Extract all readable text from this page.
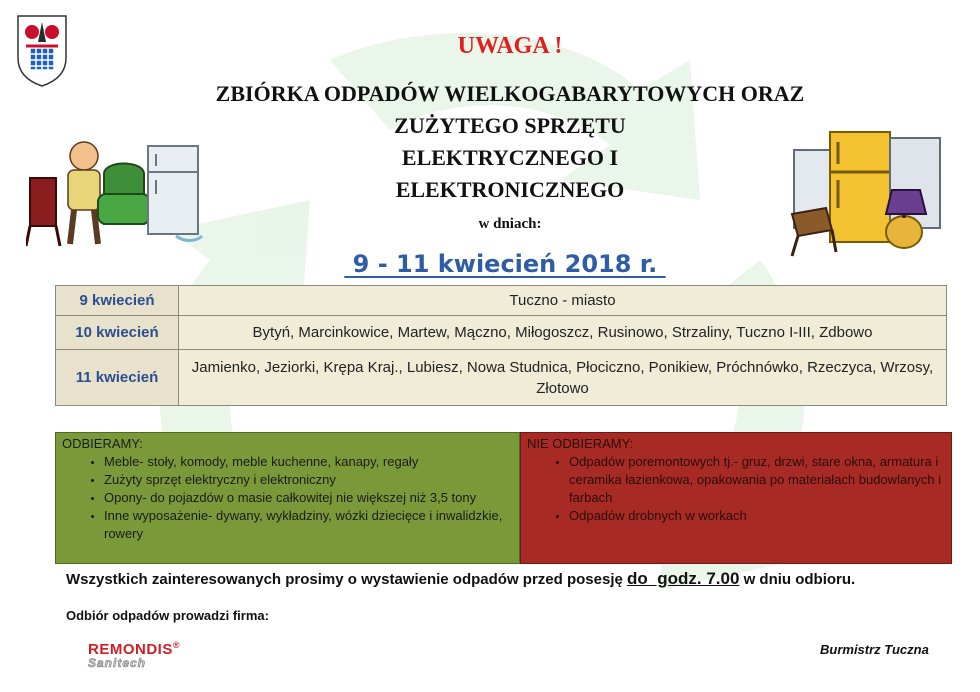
UWAGA !
ZBIÓRKA ODPADÓW WIELKOGABARYTOWYCH ORAZ
ZUŻYTEGO SPRZĘTU
ELEKTRYCZNEGO I
ELEKTRONICZNEGO
w dniach:
9 - 11 kwiecień 2018 r.
9 kwiecień	Tuczno - miasto
10 kwiecień	Bytyń, Marcinkowice, Martew, Mączno, Miłogoszcz, Rusinowo, Strzaliny, Tuczno I-III, Zdbowo
11 kwiecień	Jamienko, Jeziorki, Krępa Kraj., Lubiesz, Nowa Studnica, Płociczno, Ponikiew, Próchnówko, Rzeczyca, Wrzosy, Złotowo
ODBIERAMY:
• Meble- stoły, komody, meble kuchenne, kanapy, regały
• Zużyty sprzęt elektryczny i elektroniczny
• Opony- do pojazdów o masie całkowitej nie większej niż 3,5 tony
• Inne wyposażenie- dywany, wykładziny, wózki dziecięce i inwalidzkie, rowery
NIE ODBIERAMY:
• Odpadów poremontowych tj.- gruz, drzwi, stare okna, armatura i ceramika łazienkowa, opakowania po materiałach budowlanych i farbach
• Odpadów drobnych w workach
Wszystkich zainteresowanych prosimy o wystawienie odpadów przed posesję do  godz. 7.00 w dniu odbioru.
Odbiór odpadów prowadzi firma:
REMONDIS®
Sanitech
Burmistrz Tuczna
